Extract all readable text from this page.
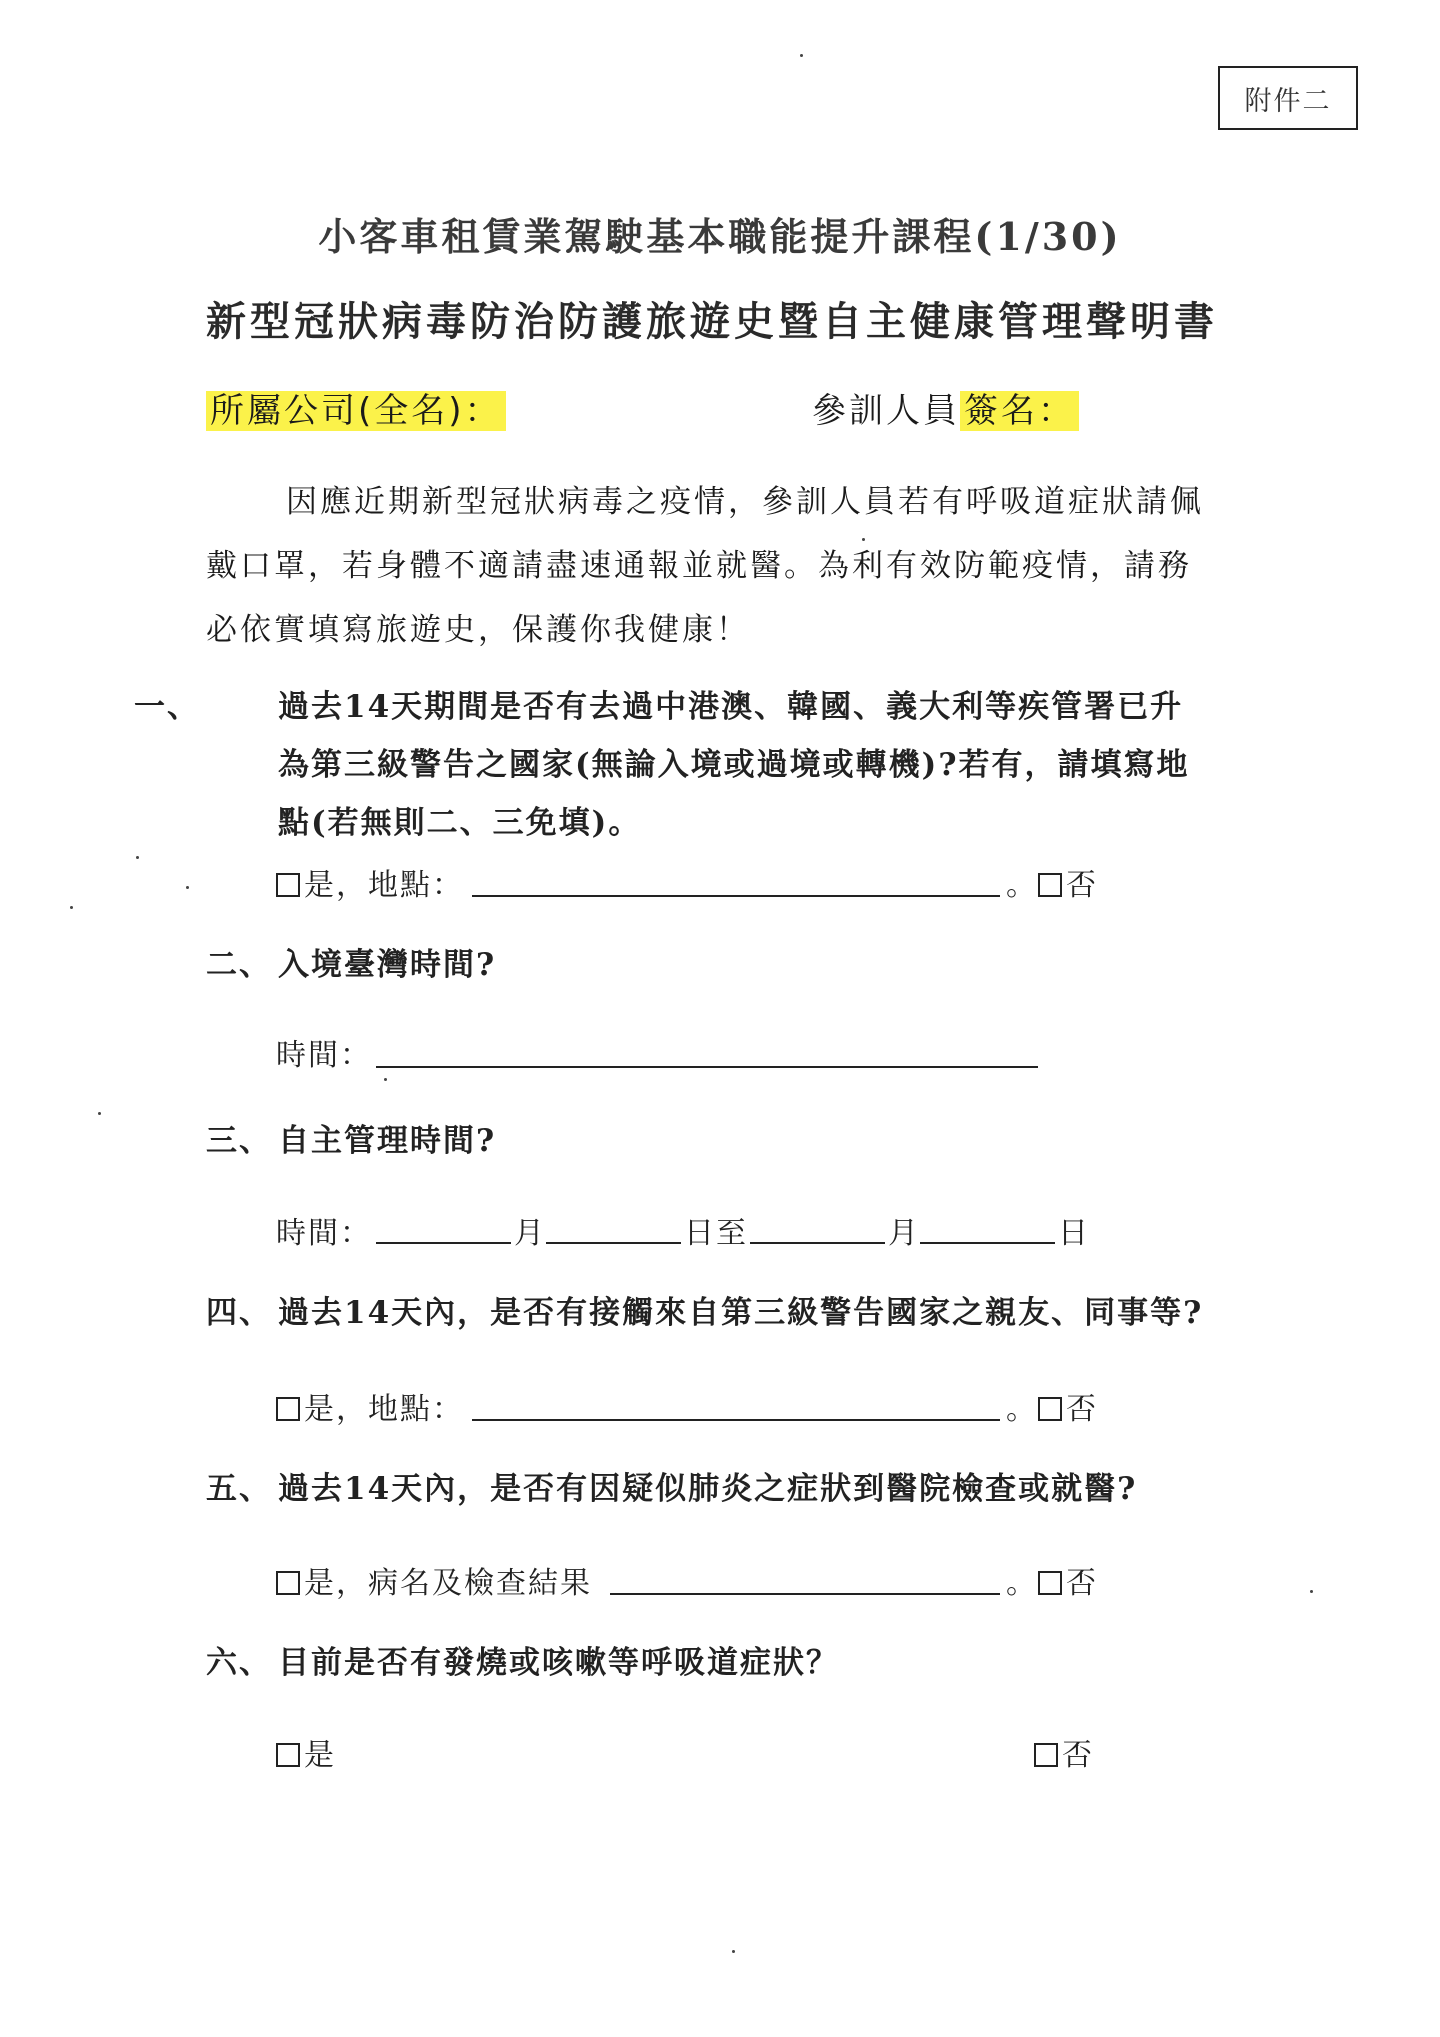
附件二
小客車租賃業駕駛基本職能提升課程(1/30)
新型冠狀病毒防治防護旅遊史暨自主健康管理聲明書
所屬公司(全名)：	參訓人員 簽名：
因應近期新型冠狀病毒之疫情，參訓人員若有呼吸道症狀請佩戴口罩，若身體不適請盡速通報並就醫。為利有效防範疫情，請務必依實填寫旅遊史，保護你我健康！
一、	過去14天期間是否有去過中港澳、韓國、義大利等疾管署已升為第三級警告之國家(無論入境或過境或轉機)?若有，請填寫地點(若無則二、三免填)。
是，地點：	。 否
二、 入境臺灣時間?
時間：
三、 自主管理時間?
時間：	月	日至	月	日
四、 過去14天內，是否有接觸來自第三級警告國家之親友、同事等?
是，地點：	。 否
五、 過去14天內，是否有因疑似肺炎之症狀到醫院檢查或就醫?
是，病名及檢查結果	。 否
六、 目前是否有發燒或咳嗽等呼吸道症狀？
是	否
